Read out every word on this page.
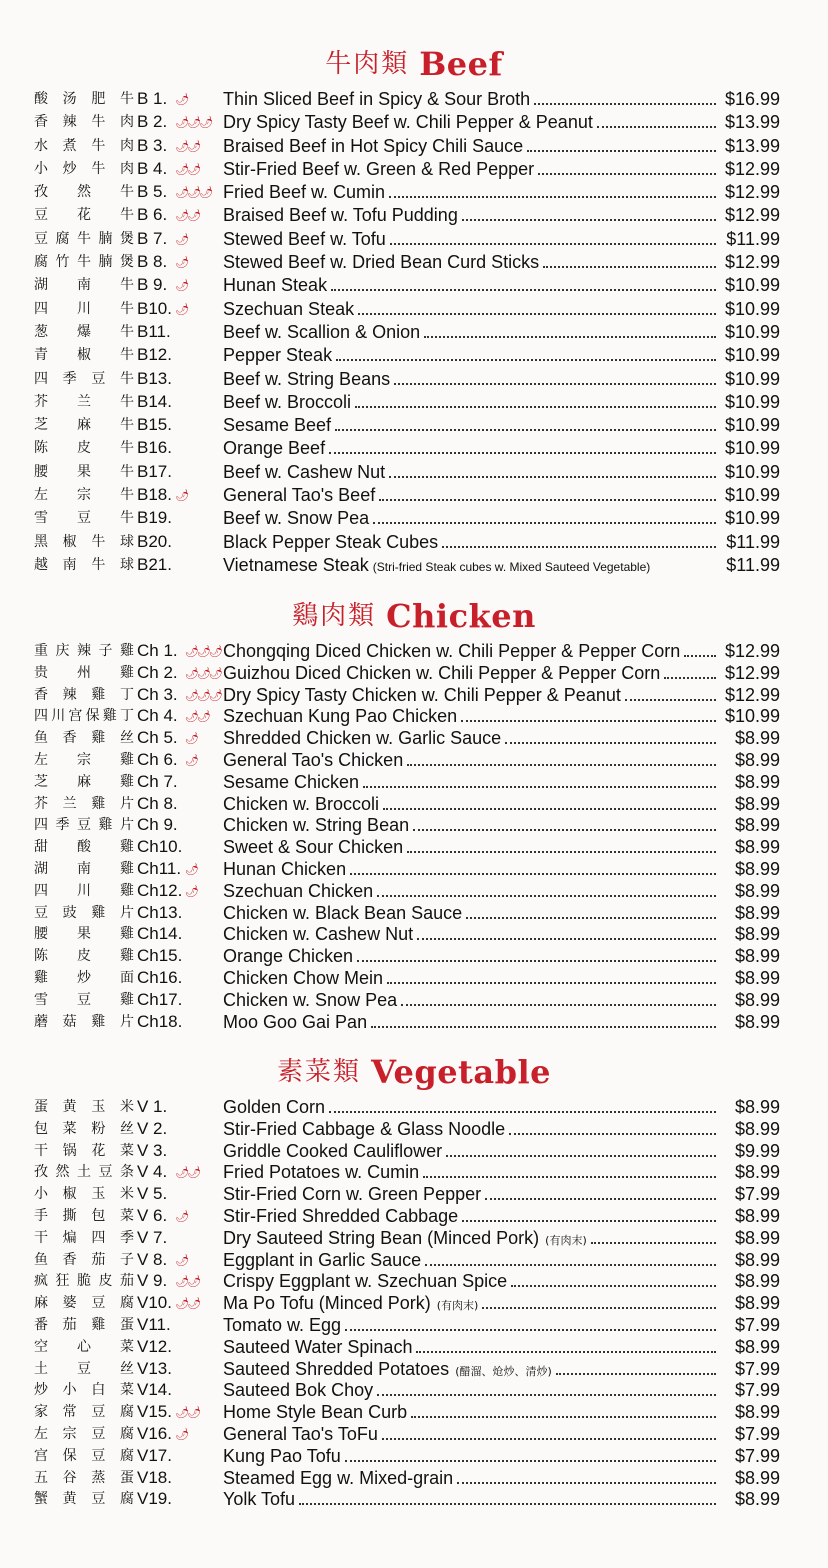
牛肉類 Beef
酸汤肥牛 B 1. 🌶︎ Thin Sliced Beef in Spicy & Sour Broth	$16.99
香辣牛肉 B 2. 🌶︎🌶︎🌶︎ Dry Spicy Tasty Beef w. Chili Pepper & Peanut	$13.99
水煮牛肉 B 3. 🌶︎🌶︎ Braised Beef in Hot Spicy Chili Sauce	$13.99
小炒牛肉 B 4. 🌶︎🌶︎ Stir-Fried Beef w. Green & Red Pepper	$12.99
孜然牛 B 5. 🌶︎🌶︎🌶︎ Fried Beef w. Cumin	$12.99
豆花牛 B 6. 🌶︎🌶︎ Braised Beef w. Tofu Pudding	$12.99
豆腐牛腩煲 B 7. 🌶︎ Stewed Beef w. Tofu	$11.99
腐竹牛腩煲 B 8. 🌶︎ Stewed Beef w. Dried Bean Curd Sticks	$12.99
湖南牛 B 9. 🌶︎ Hunan Steak	$10.99
四川牛 B10. 🌶︎ Szechuan Steak	$10.99
葱爆牛 B11.	Beef w. Scallion & Onion	$10.99
青椒牛 B12.	Pepper Steak	$10.99
四季豆牛 B13.	Beef w. String Beans	$10.99
芥兰牛 B14.	Beef w. Broccoli	$10.99
芝麻牛 B15.	Sesame Beef	$10.99
陈皮牛 B16.	Orange Beef	$10.99
腰果牛 B17.	Beef w. Cashew Nut	$10.99
左宗牛 B18. 🌶︎ General Tao's Beef	$10.99
雪豆牛 B19.	Beef w. Snow Pea	$10.99
黑椒牛球 B20.	Black Pepper Steak Cubes	$11.99
越南牛球 B21.	Vietnamese Steak (Stri-fried Steak cubes w. Mixed Sauteed Vegetable)	$11.99
鷄肉類 Chicken
重庆辣子雞 Ch 1. 🌶︎🌶︎🌶︎ Chongqing Diced Chicken w. Chili Pepper & Pepper Corn $12.99
贵州雞 Ch 2. 🌶︎🌶︎🌶︎ Guizhou Diced Chicken w. Chili Pepper & Pepper Corn	$12.99
香辣雞丁 Ch 3. 🌶︎🌶︎🌶︎ Dry Spicy Tasty Chicken w. Chili Pepper & Peanut	$12.99
四川宫保雞丁 Ch 4. 🌶︎🌶︎ Szechuan Kung Pao Chicken	$10.99
鱼香雞丝 Ch 5. 🌶︎ Shredded Chicken w. Garlic Sauce	$8.99
左宗雞 Ch 6. 🌶︎ General Tao's Chicken	$8.99
芝麻雞 Ch 7.	Sesame Chicken	$8.99
芥兰雞片 Ch 8.	Chicken w. Broccoli	$8.99
四季豆雞片 Ch 9.	Chicken w. String Bean	$8.99
甜酸雞 Ch10. Sweet & Sour Chicken	$8.99
湖南雞 Ch11. 🌶︎ Hunan Chicken	$8.99
四川雞 Ch12. 🌶︎ Szechuan Chicken	$8.99
豆豉雞片 Ch13. Chicken w. Black Bean Sauce	$8.99
腰果雞 Ch14. Chicken w. Cashew Nut	$8.99
陈皮雞 Ch15. Orange Chicken	$8.99
雞炒面 Ch16. Chicken Chow Mein	$8.99
雪豆雞 Ch17. Chicken w. Snow Pea	$8.99
蘑菇雞片 Ch18. Moo Goo Gai Pan	$8.99
素菜類 Vegetable
蛋黄玉米 V 1.	Golden Corn	$8.99
包菜粉丝 V 2.	Stir-Fried Cabbage & Glass Noodle	$8.99
干锅花菜 V 3.	Griddle Cooked Cauliflower	$9.99
孜然土豆条 V 4. 🌶︎🌶︎ Fried Potatoes w. Cumin	$8.99
小椒玉米 V 5.	Stir-Fried Corn w. Green Pepper	$7.99
手撕包菜 V 6. 🌶︎ Stir-Fried Shredded Cabbage	$8.99
干煸四季 V 7.	Dry Sauteed String Bean (Minced Pork) (有肉末)	$8.99
鱼香茄子 V 8. 🌶︎ Eggplant in Garlic Sauce	$8.99
疯狂脆皮茄 V 9. 🌶︎🌶︎ Crispy Eggplant w. Szechuan Spice	$8.99
麻婆豆腐 V10. 🌶︎🌶︎ Ma Po Tofu (Minced Pork) (有肉末)	$8.99
番茄雞蛋 V11.	Tomato w. Egg	$7.99
空心菜 V12.	Sauteed Water Spinach	$8.99
土豆丝 V13.	Sauteed Shredded Potatoes (醋溜、炝炒、清炒)	$7.99
炒小白菜 V14.	Sauteed Bok Choy	$7.99
家常豆腐 V15. 🌶︎🌶︎ Home Style Bean Curb	$8.99
左宗豆腐 V16. 🌶︎ General Tao's ToFu	$7.99
宫保豆腐 V17.	Kung Pao Tofu	$7.99
五谷蒸蛋 V18.	Steamed Egg w. Mixed-grain	$8.99
蟹黄豆腐 V19.	Yolk Tofu	$8.99
